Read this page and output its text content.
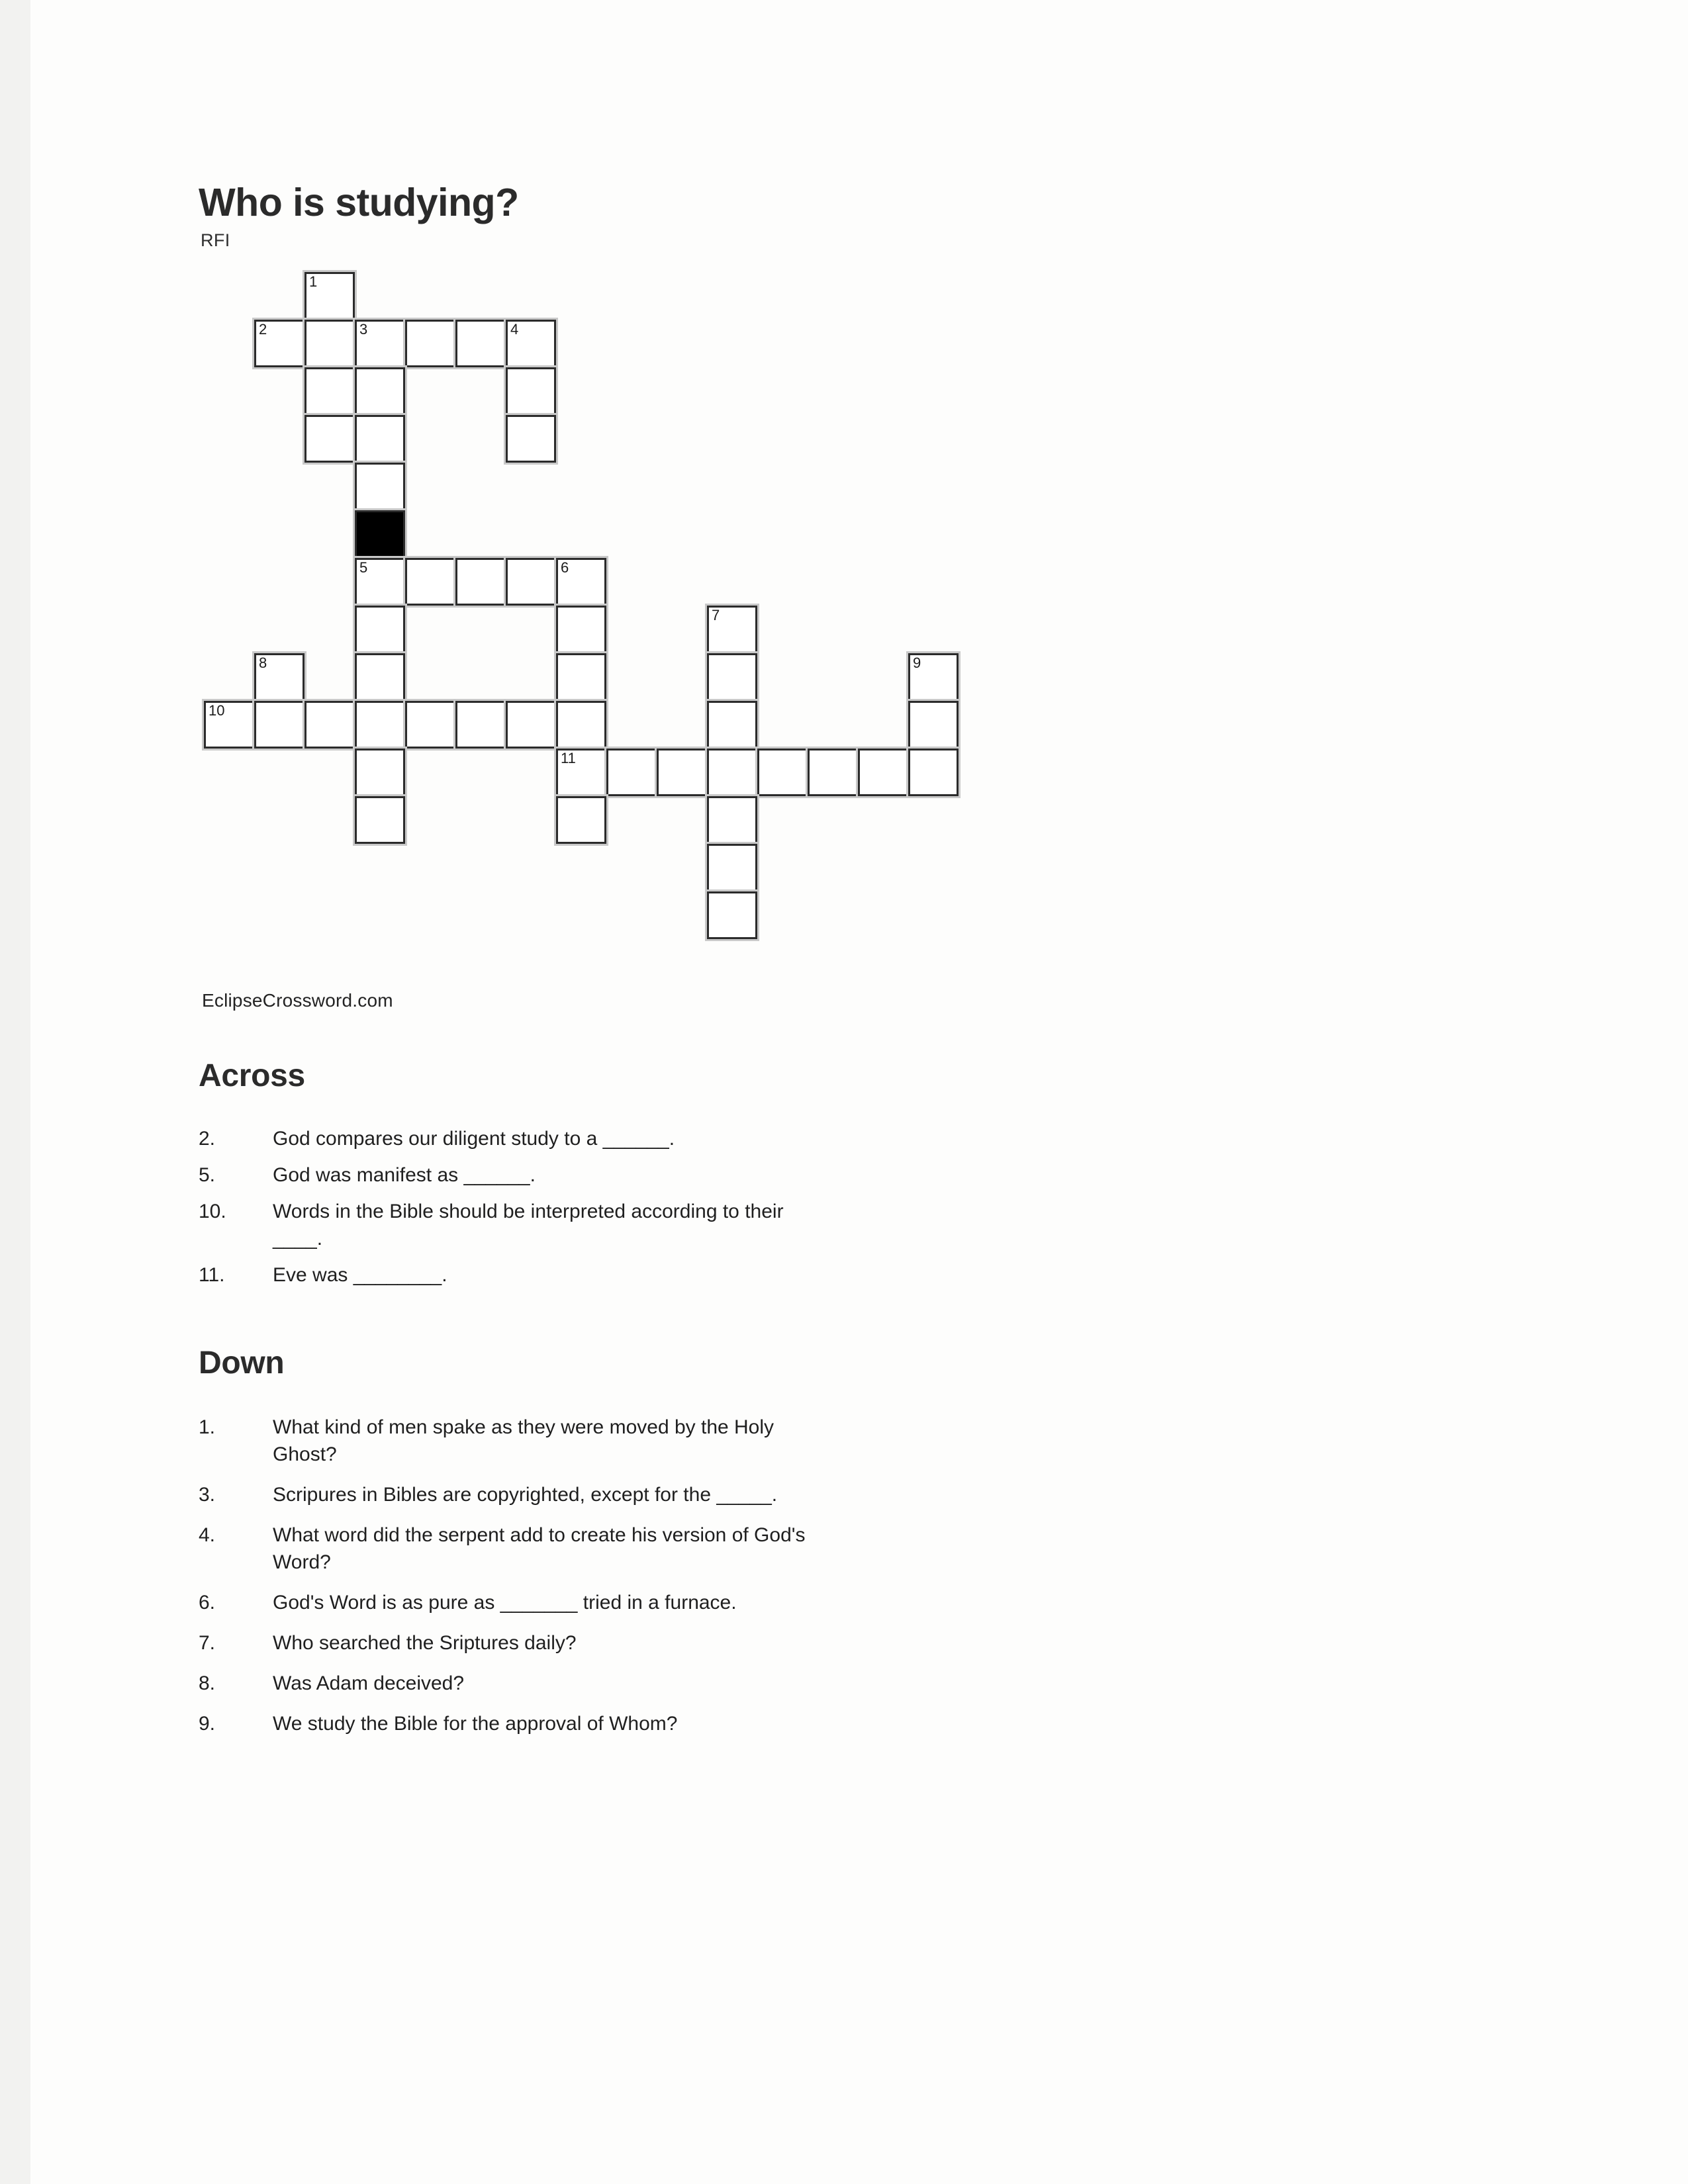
Who is studying?
RFI
1
2	3	4
5	6
7
8	9
10
11
EclipseCrossword.com
Across
2.	God compares our diligent study to a ______.
5.	God was manifest as ______.
10.	Words in the Bible should be interpreted according to their ____.
11.	Eve was ________.
Down
1.	What kind of men spake as they were moved by the Holy Ghost?
3.	Scripures in Bibles are copyrighted, except for the _____.
4.	What word did the serpent add to create his version of God's Word?
6.	God's Word is as pure as _______ tried in a furnace.
7.	Who searched the Sriptures daily?
8.	Was Adam deceived?
9.	We study the Bible for the approval of Whom?
